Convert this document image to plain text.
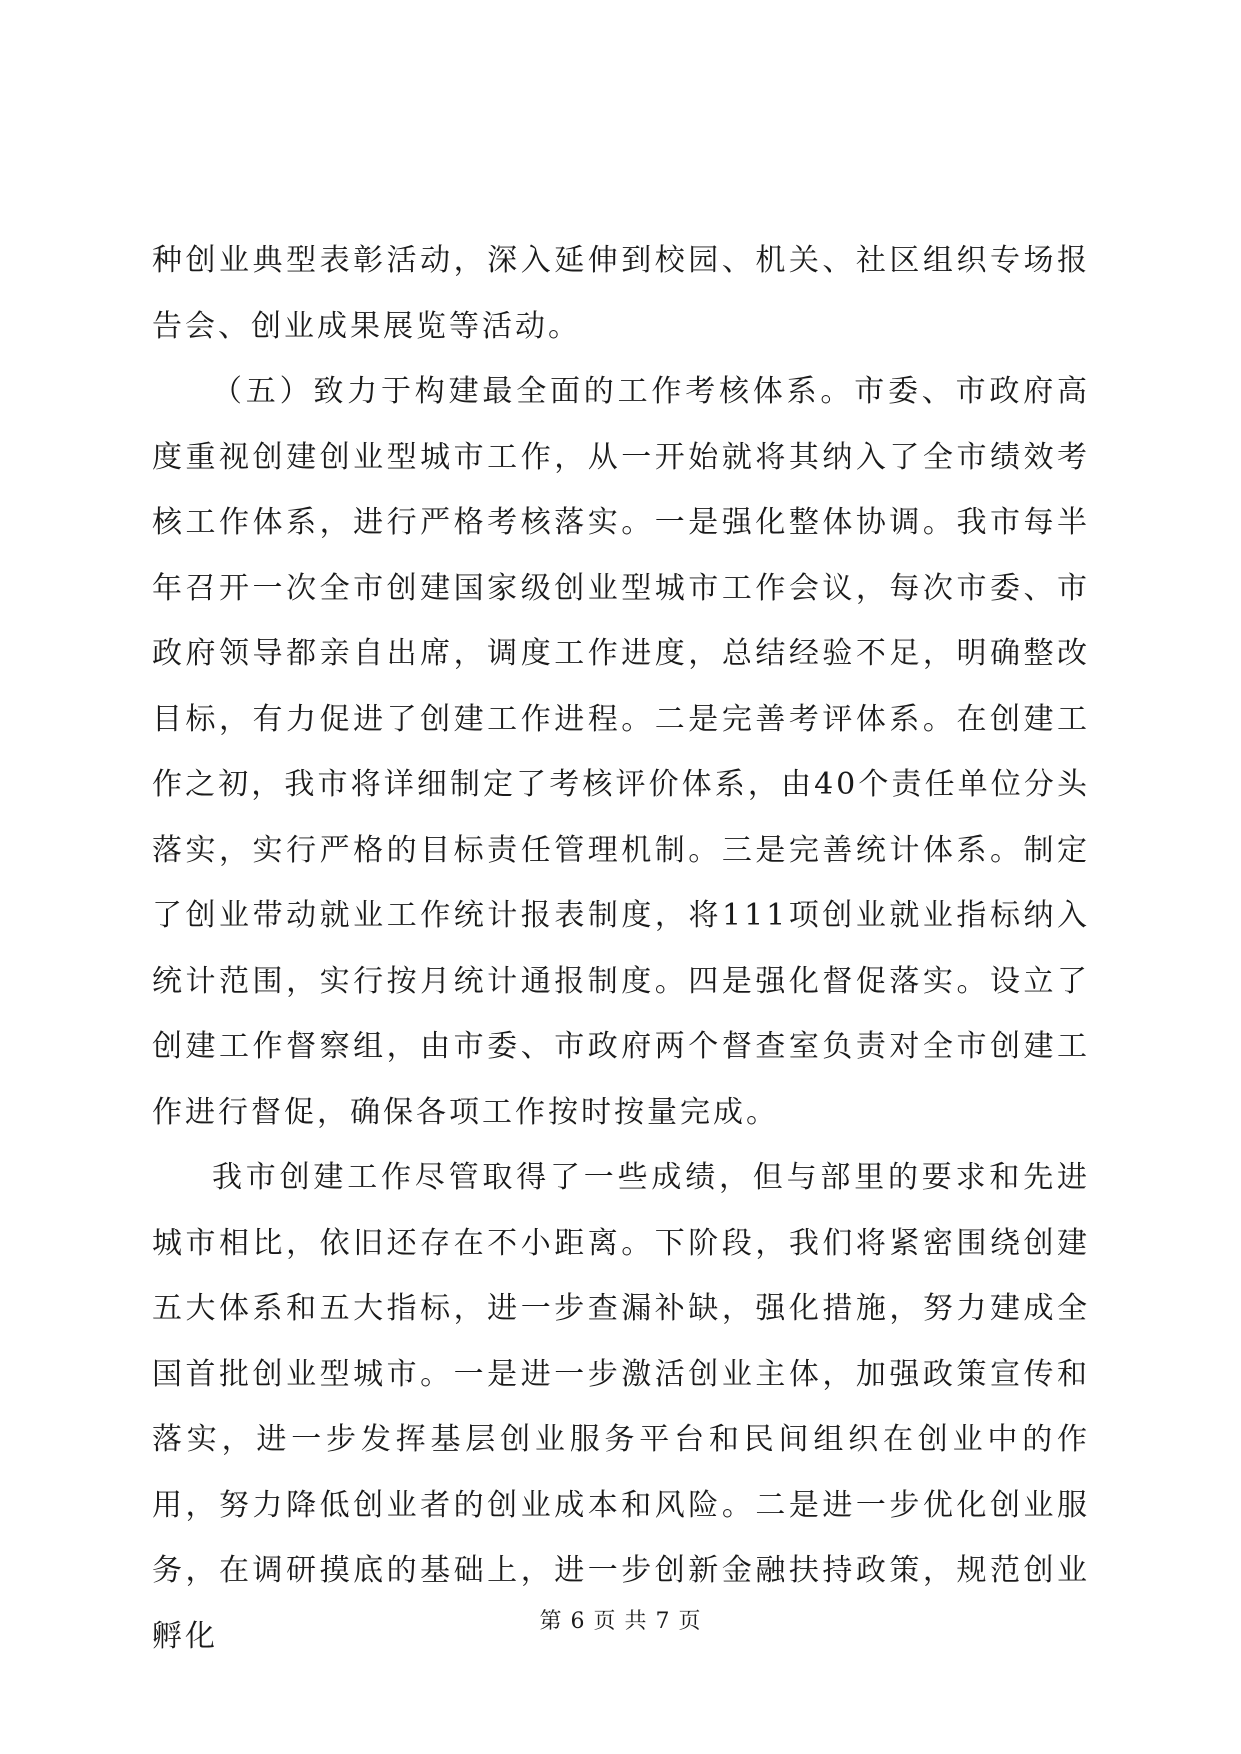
种创业典型表彰活动，深入延伸到校园、机关、社区组织专场报告会、创业成果展览等活动。

（五）致力于构建最全面的工作考核体系。市委、市政府高度重视创建创业型城市工作，从一开始就将其纳入了全市绩效考核工作体系，进行严格考核落实。一是强化整体协调。我市每半年召开一次全市创建国家级创业型城市工作会议，每次市委、市政府领导都亲自出席，调度工作进度，总结经验不足，明确整改目标，有力促进了创建工作进程。二是完善考评体系。在创建工作之初，我市将详细制定了考核评价体系，由40个责任单位分头落实，实行严格的目标责任管理机制。三是完善统计体系。制定了创业带动就业工作统计报表制度，将111项创业就业指标纳入统计范围，实行按月统计通报制度。四是强化督促落实。设立了创建工作督察组，由市委、市政府两个督查室负责对全市创建工作进行督促，确保各项工作按时按量完成。

我市创建工作尽管取得了一些成绩，但与部里的要求和先进城市相比，依旧还存在不小距离。下阶段，我们将紧密围绕创建五大体系和五大指标，进一步查漏补缺，强化措施，努力建成全国首批创业型城市。一是进一步激活创业主体，加强政策宣传和落实，进一步发挥基层创业服务平台和民间组织在创业中的作用，努力降低创业者的创业成本和风险。二是进一步优化创业服务，在调研摸底的基础上，进一步创新金融扶持政策，规范创业孵化	第 6 页 共 7 页
